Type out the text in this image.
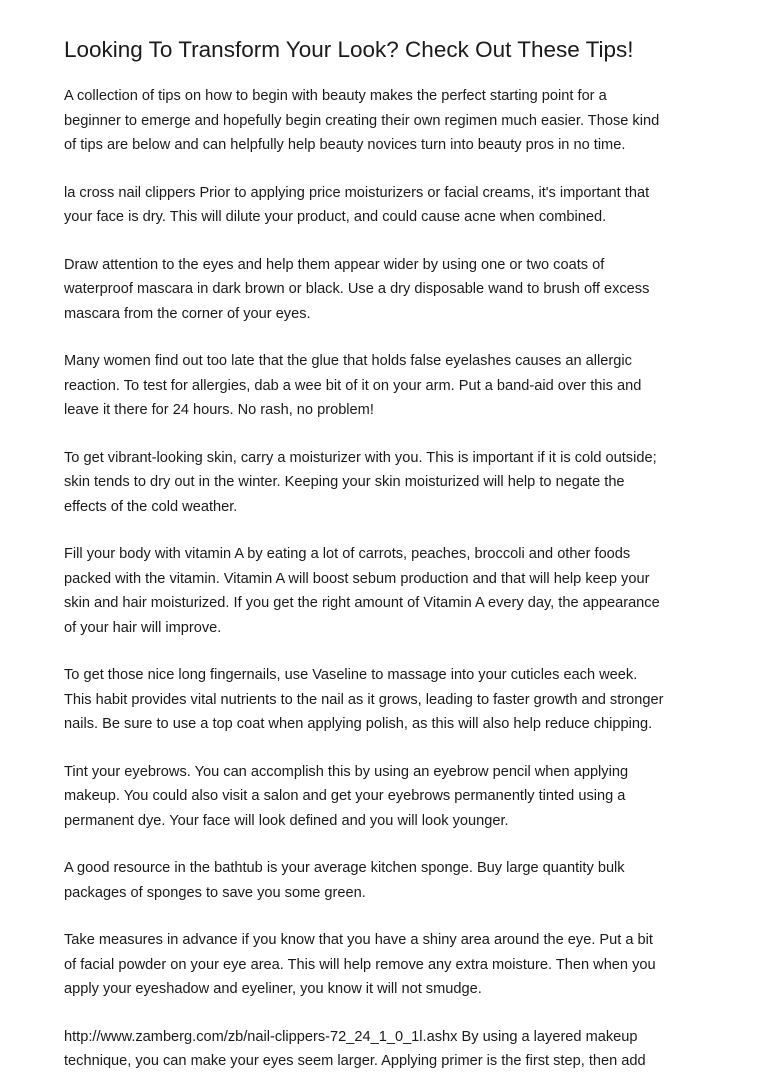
Looking To Transform Your Look? Check Out These Tips!

A collection of tips on how to begin with beauty makes the perfect starting point for a
beginner to emerge and hopefully begin creating their own regimen much easier. Those kind
of tips are below and can helpfully help beauty novices turn into beauty pros in no time.

la cross nail clippers Prior to applying price moisturizers or facial creams, it's important that
your face is dry. This will dilute your product, and could cause acne when combined.

Draw attention to the eyes and help them appear wider by using one or two coats of
waterproof mascara in dark brown or black. Use a dry disposable wand to brush off excess
mascara from the corner of your eyes.

Many women find out too late that the glue that holds false eyelashes causes an allergic
reaction. To test for allergies, dab a wee bit of it on your arm. Put a band-aid over this and
leave it there for 24 hours. No rash, no problem!

To get vibrant-looking skin, carry a moisturizer with you. This is important if it is cold outside;
skin tends to dry out in the winter. Keeping your skin moisturized will help to negate the
effects of the cold weather.

Fill your body with vitamin A by eating a lot of carrots, peaches, broccoli and other foods
packed with the vitamin. Vitamin A will boost sebum production and that will help keep your
skin and hair moisturized. If you get the right amount of Vitamin A every day, the appearance
of your hair will improve.

To get those nice long fingernails, use Vaseline to massage into your cuticles each week.
This habit provides vital nutrients to the nail as it grows, leading to faster growth and stronger
nails. Be sure to use a top coat when applying polish, as this will also help reduce chipping.

Tint your eyebrows. You can accomplish this by using an eyebrow pencil when applying
makeup. You could also visit a salon and get your eyebrows permanently tinted using a
permanent dye. Your face will look defined and you will look younger.

A good resource in the bathtub is your average kitchen sponge. Buy large quantity bulk
packages of sponges to save you some green.

Take measures in advance if you know that you have a shiny area around the eye. Put a bit
of facial powder on your eye area. This will help remove any extra moisture. Then when you
apply your eyeshadow and eyeliner, you know it will not smudge.

http://www.zamberg.com/zb/nail-clippers-72_24_1_0_1l.ashx By using a layered makeup
technique, you can make your eyes seem larger. Applying primer is the first step, then add
